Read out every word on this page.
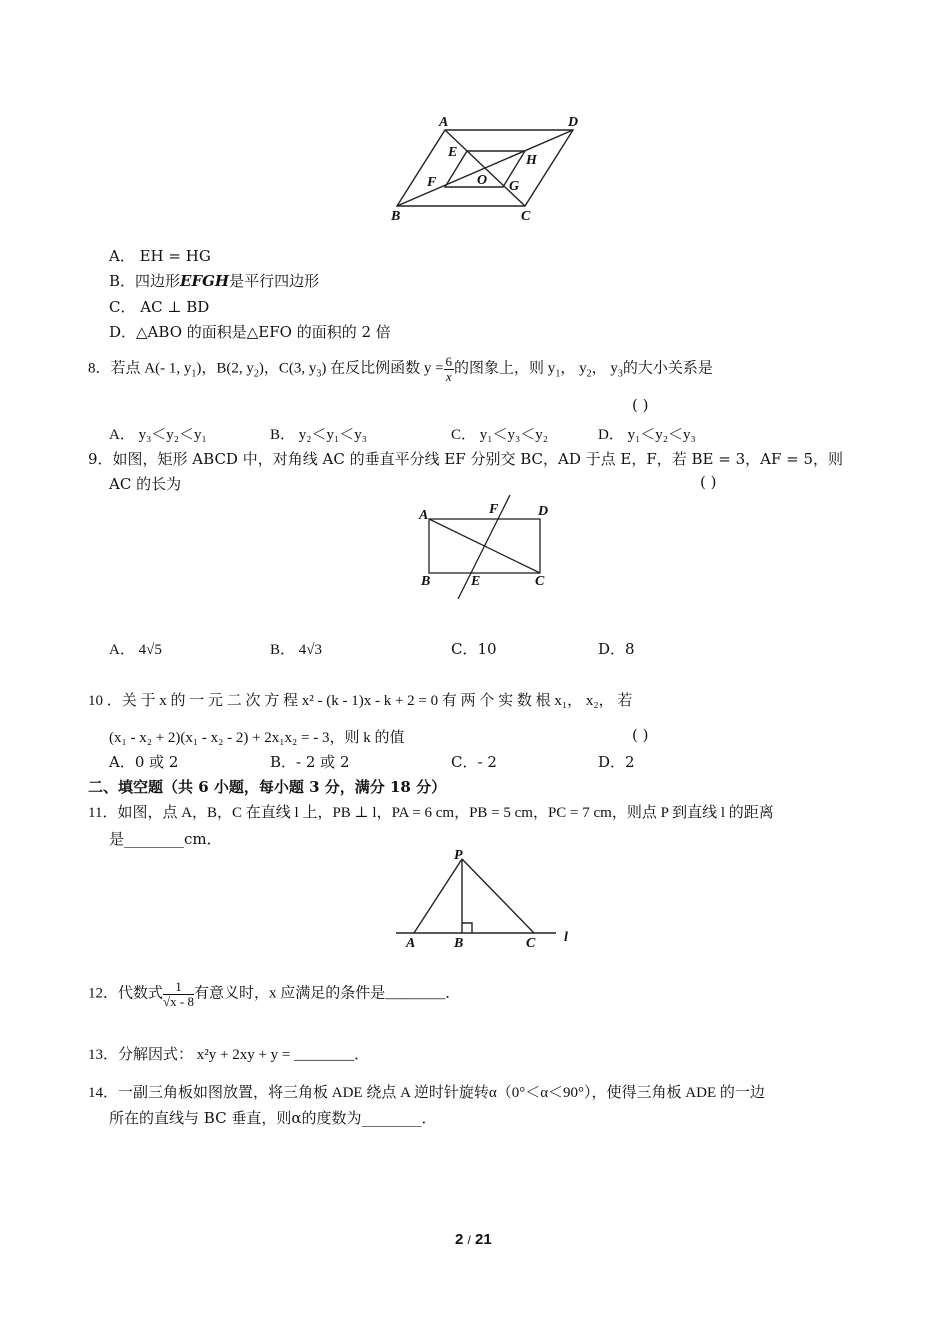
A	D
E
H
F	O G
B	C
A． EH = HG
B．四边形EFGH是平行四边形
C． AC ⊥ BD
D．△ABO 的面积是△EFO 的面积的 2 倍
8．若点 A(- 1, $y_1$)，B(2, $y_2$)，C(3, $y_3$) 在反比例函数 $y = \frac{6}{x}$ 的图象上，则 $y_1$， $y_2$， $y_3$的大小关系是
( )
A． y₃＜y₂＜y₁	B． y₂＜y₁＜y₃	C． y₁＜y₃＜y₂	D． y₁＜y₂＜y₃
9．如图，矩形 ABCD 中，对角线 AC 的垂直平分线 EF 分别交 BC，AD 于点 E，F，若 BE = 3，AF = 5，则
AC 的长为	( )
A	F	D
B	E	C
A． 4√5	B． 4√3	C．10	D．8
10 ．关 于 x 的 一 元 二 次 方 程 x² - (k - 1)x - k + 2 = 0 有 两 个 实 数 根 x₁， x₂， 若
(x₁ - x₂ + 2)(x₁ - x₂ - 2) + 2x₁x₂ = - 3，则 k 的值	( )
A．0 或 2	B．- 2 或 2	C．- 2	D．2
二、填空题（共 6 小题，每小题 3 分，满分 18 分）
11．如图，点 A，B，C 在直线 l 上，PB ⊥ l，PA = 6 cm，PB = 5 cm，PC = 7 cm，则点 P 到直线 l 的距离
是________cm．
P
A	B	C l
12．代数式 $\frac{1}{√x - 8}$ 有意义时，x 应满足的条件是________．
13．分解因式： x²y + 2xy + y = ________．
14．一副三角板如图放置，将三角板 ADE 绕点 A 逆时针旋转α（0°＜α＜90°），使得三角板 ADE 的一边
所在的直线与 BC 垂直，则α的度数为________．
2 / 21
